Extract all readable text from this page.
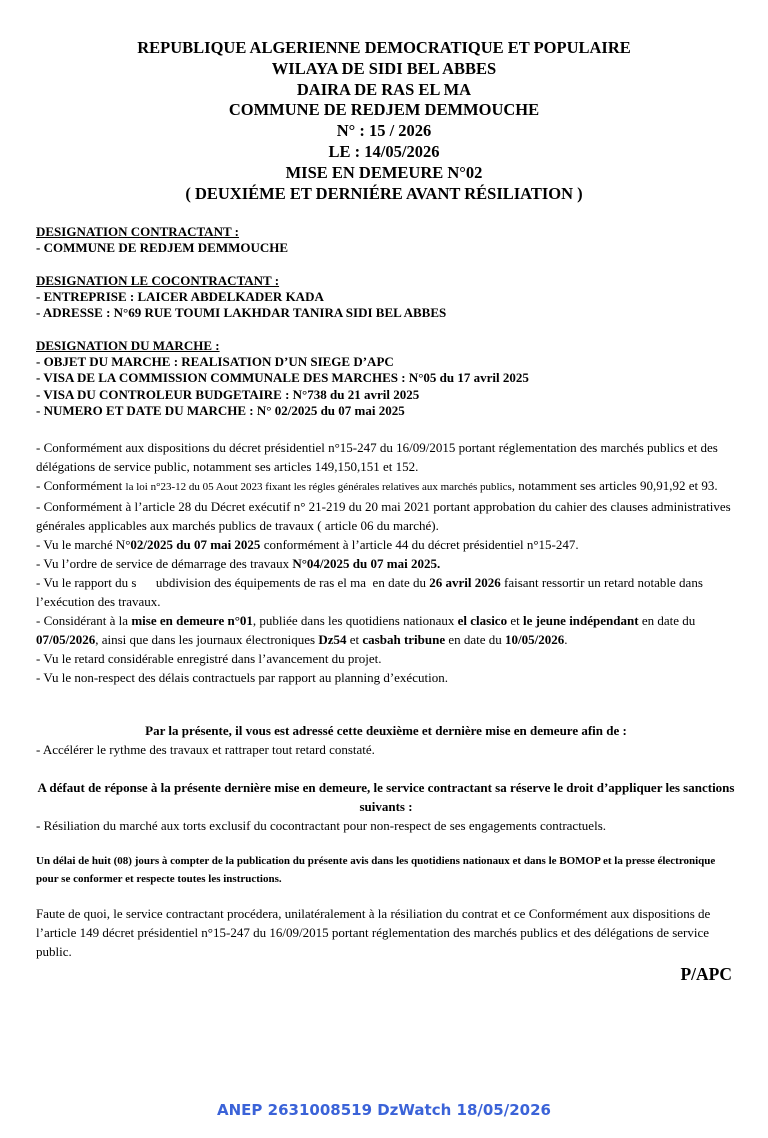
REPUBLIQUE ALGERIENNE DEMOCRATIQUE ET POPULAIRE
WILAYA DE SIDI BEL ABBES
DAIRA DE RAS EL MA
COMMUNE DE REDJEM DEMMOUCHE
N° : 15 / 2026
LE : 14/05/2026
MISE EN DEMEURE N°02
( DEUXIÉME ET DERNIÉRE AVANT RÉSILIATION )
DESIGNATION CONTRACTANT :
- COMMUNE DE REDJEM DEMMOUCHE
DESIGNATION LE COCONTRACTANT :
- ENTREPRISE : LAICER ABDELKADER KADA
- ADRESSE : N°69 RUE TOUMI LAKHDAR TANIRA SIDI BEL ABBES
DESIGNATION DU MARCHE :
- OBJET DU MARCHE : REALISATION D’UN SIEGE D’APC
- VISA DE LA COMMISSION COMMUNALE DES MARCHES : N°05 du 17 avril 2025
- VISA DU CONTROLEUR BUDGETAIRE : N°738 du 21 avril 2025
- NUMERO ET DATE DU MARCHE : N° 02/2025 du 07 mai 2025

- Conformément aux dispositions du décret présidentiel n°15-247 du 16/09/2015 portant réglementation des marchés publics et des délégations de service public, notamment ses articles 149,150,151 et 152.

- Conformément la loi n°23-12 du 05 Aout 2023 fixant les régles générales relatives aux marchés publics, notamment ses articles 90,91,92 et 93.

- Conformément à l’article 28 du Décret exécutif n° 21-219 du 20 mai 2021 portant approbation du cahier des clauses administratives générales applicables aux marchés publics de travaux ( article 06 du marché).

- Vu le marché N°02/2025 du 07 mai 2025 conformément à l’article 44 du décret présidentiel n°15-247.

- Vu l’ordre de service de démarrage des travaux N°04/2025 du 07 mai 2025.

- Vu le rapport du s      ubdivision des équipements de ras el ma  en date du 26 avril 2026 faisant ressortir un retard notable dans l’exécution des travaux.

- Considérant à la mise en demeure n°01, publiée dans les quotidiens nationaux el clasico et le jeune indépendant en date du 07/05/2026, ainsi que dans les journaux électroniques Dz54 et casbah tribune en date du 10/05/2026.

- Vu le retard considérable enregistré dans l’avancement du projet.

- Vu le non-respect des délais contractuels par rapport au planning d’exécution.

Par la présente, il vous est adressé cette deuxième et dernière mise en demeure afin de :
- Accélérer le rythme des travaux et rattraper tout retard constaté.
A défaut de réponse à la présente dernière mise en demeure, le service contractant sa réserve le droit d’appliquer les sanctions suivants :
- Résiliation du marché aux torts exclusif du cocontractant pour non-respect de ses engagements contractuels.
Un délai de huit (08) jours à compter de la publication du présente avis dans les quotidiens nationaux et dans le BOMOP et la presse électronique pour se conformer et respecte toutes les instructions.
Faute de quoi, le service contractant procédera, unilatéralement à la résiliation du contrat et ce Conformément aux dispositions de l’article 149 décret présidentiel n°15-247 du 16/09/2015 portant réglementation des marchés publics et des délégations de service public.
P/APC
ANEP 2631008519 DzWatch 18/05/2026
